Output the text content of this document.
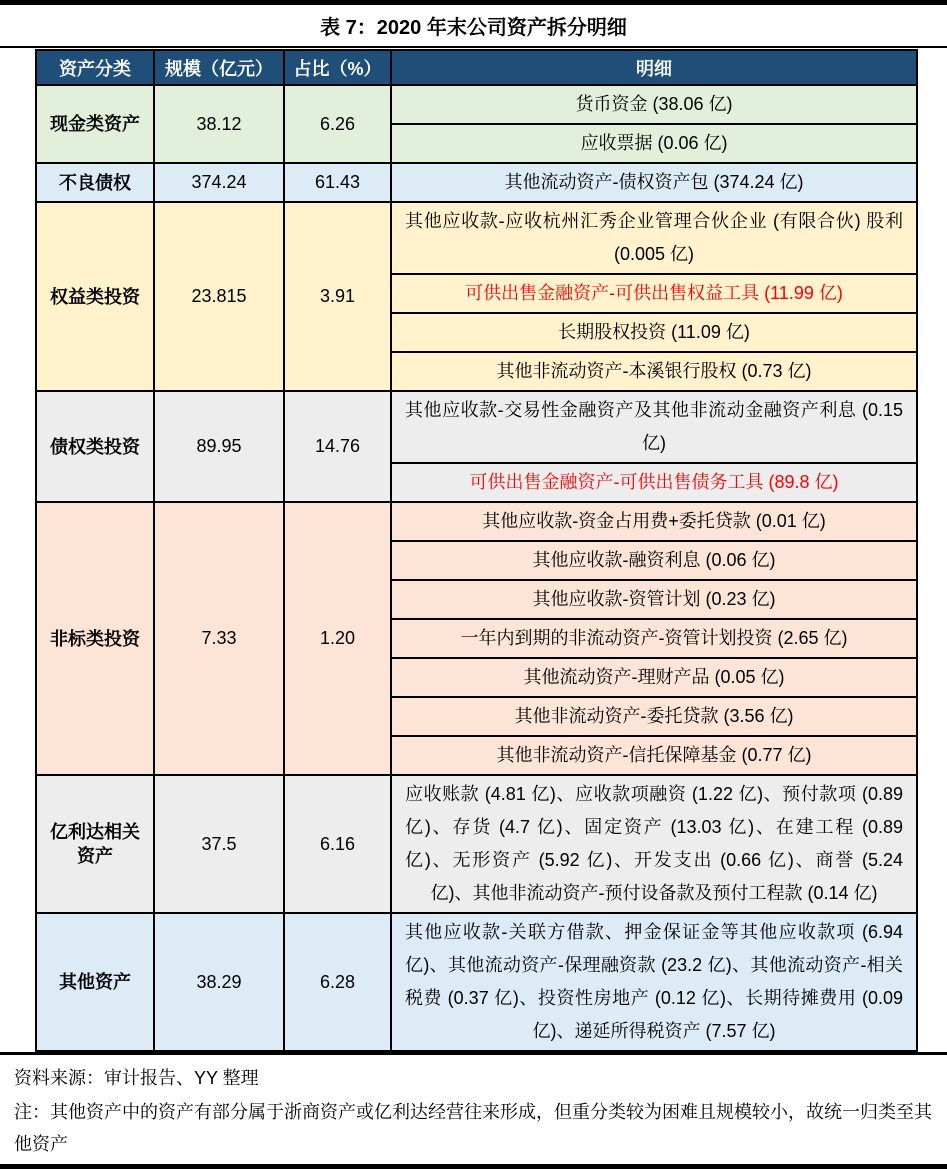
表 7：2020 年末公司资产拆分明细
资产分类	规模（亿元）	占比（%）	明细
现金类资产	38.12	6.26	货币资金 (38.06 亿)
			应收票据 (0.06 亿)
不良债权	374.24	61.43	其他流动资产-债权资产包 (374.24 亿)
权益类投资	23.815	3.91	其他应收款-应收杭州汇秀企业管理合伙企业 (有限合伙) 股利 (0.005 亿)
			可供出售金融资产-可供出售权益工具 (11.99 亿)
			长期股权投资 (11.09 亿)
			其他非流动资产-本溪银行股权 (0.73 亿)
债权类投资	89.95	14.76	其他应收款-交易性金融资产及其他非流动金融资产利息 (0.15 亿)
			可供出售金融资产-可供出售债务工具 (89.8 亿)
非标类投资	7.33	1.20	其他应收款-资金占用费+委托贷款 (0.01 亿)
			其他应收款-融资利息 (0.06 亿)
			其他应收款-资管计划 (0.23 亿)
			一年内到期的非流动资产-资管计划投资 (2.65 亿)
			其他流动资产-理财产品 (0.05 亿)
			其他非流动资产-委托贷款 (3.56 亿)
			其他非流动资产-信托保障基金 (0.77 亿)
亿利达相关资产	37.5	6.16	应收账款 (4.81 亿)、应收款项融资 (1.22 亿)、预付款项 (0.89 亿)、存货 (4.7 亿)、固定资产 (13.03 亿)、在建工程 (0.89 亿)、无形资产 (5.92 亿)、开发支出 (0.66 亿)、商誉 (5.24 亿)、其他非流动资产-预付设备款及预付工程款 (0.14 亿)
其他资产	38.29	6.28	其他应收款-关联方借款、押金保证金等其他应收款项 (6.94 亿)、其他流动资产-保理融资款 (23.2 亿)、其他流动资产-相关税费 (0.37 亿)、投资性房地产 (0.12 亿)、长期待摊费用 (0.09 亿)、递延所得税资产 (7.57 亿)
资料来源：审计报告、YY 整理
注：其他资产中的资产有部分属于浙商资产或亿利达经营往来形成，但重分类较为困难且规模较小，故统一归类至其他资产
